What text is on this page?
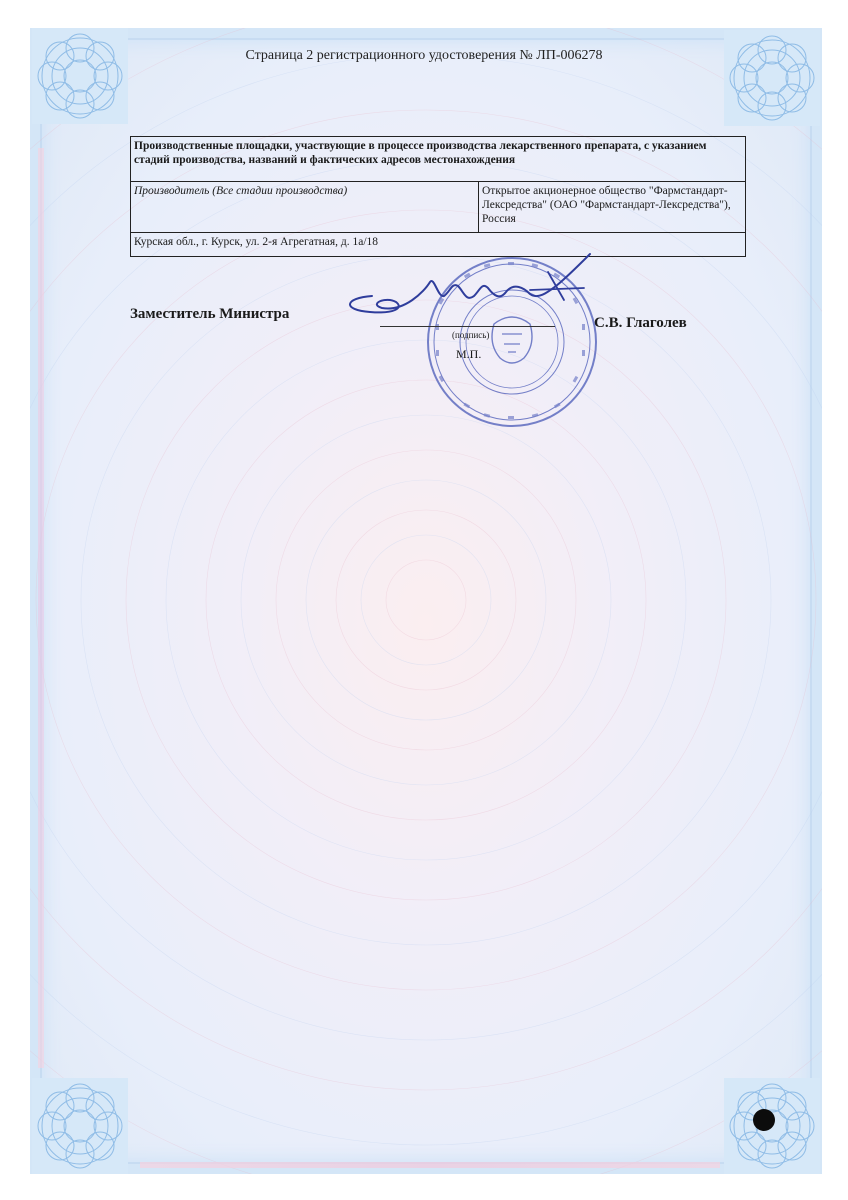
Страница 2 регистрационного удостоверения № ЛП-006278
Производственные площадки, участвующие в процессе производства лекарственного препарата, с указанием стадий производства, названий и фактических адресов местонахождения
Производитель (Все стадии производства)	Открытое акционерное общество "Фармстандарт-Лексредства" (ОАО "Фармстандарт-Лексредства"), Россия
Курская обл., г. Курск, ул. 2-я Агрегатная, д. 1а/18
Заместитель Министра
(подпись)
М.П.
С.В. Глаголев
